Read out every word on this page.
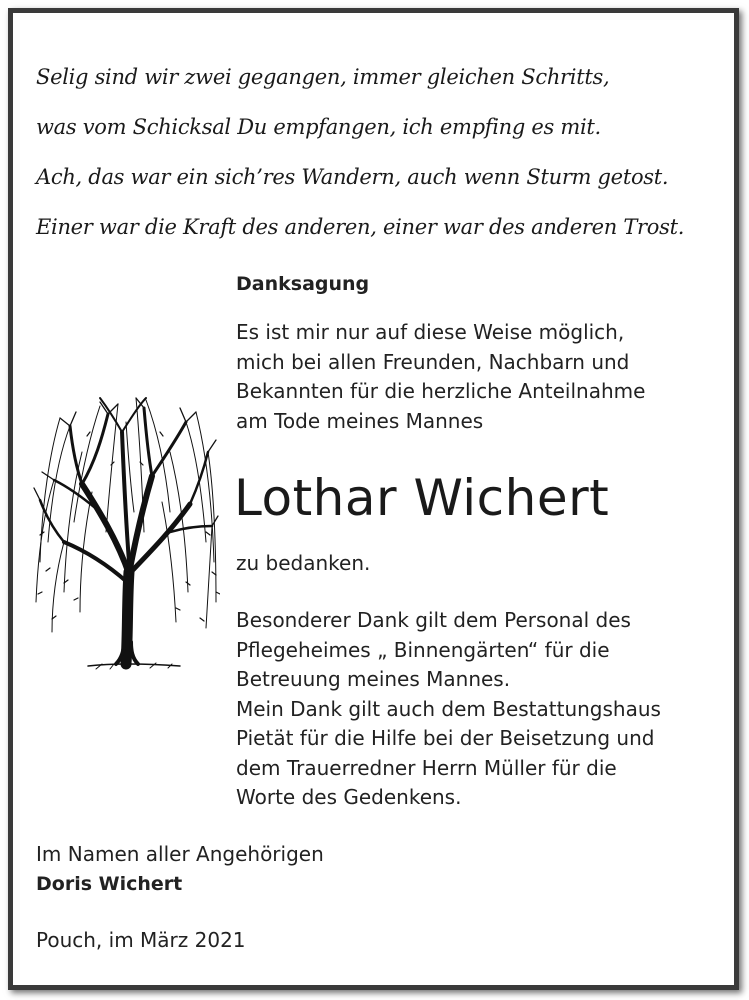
Selig sind wir zwei gegangen, immer gleichen Schritts,
was vom Schicksal Du empfangen, ich empfing es mit.
Ach, das war ein sich’res Wandern, auch wenn Sturm getost.
Einer war die Kraft des anderen, einer war des anderen Trost.
Danksagung
Es ist mir nur auf diese Weise möglich,
mich bei allen Freunden, Nachbarn und
Bekannten für die herzliche Anteilnahme
am Tode meines Mannes
Lothar Wichert
zu bedanken.
Besonderer Dank gilt dem Personal des
Pflegeheimes „ Binnengärten“ für die
Betreuung meines Mannes.
Mein Dank gilt auch dem Bestattungshaus
Pietät für die Hilfe bei der Beisetzung und
dem Trauerredner Herrn Müller für die
Worte des Gedenkens.
Im Namen aller Angehörigen
Doris Wichert
Pouch, im März 2021
